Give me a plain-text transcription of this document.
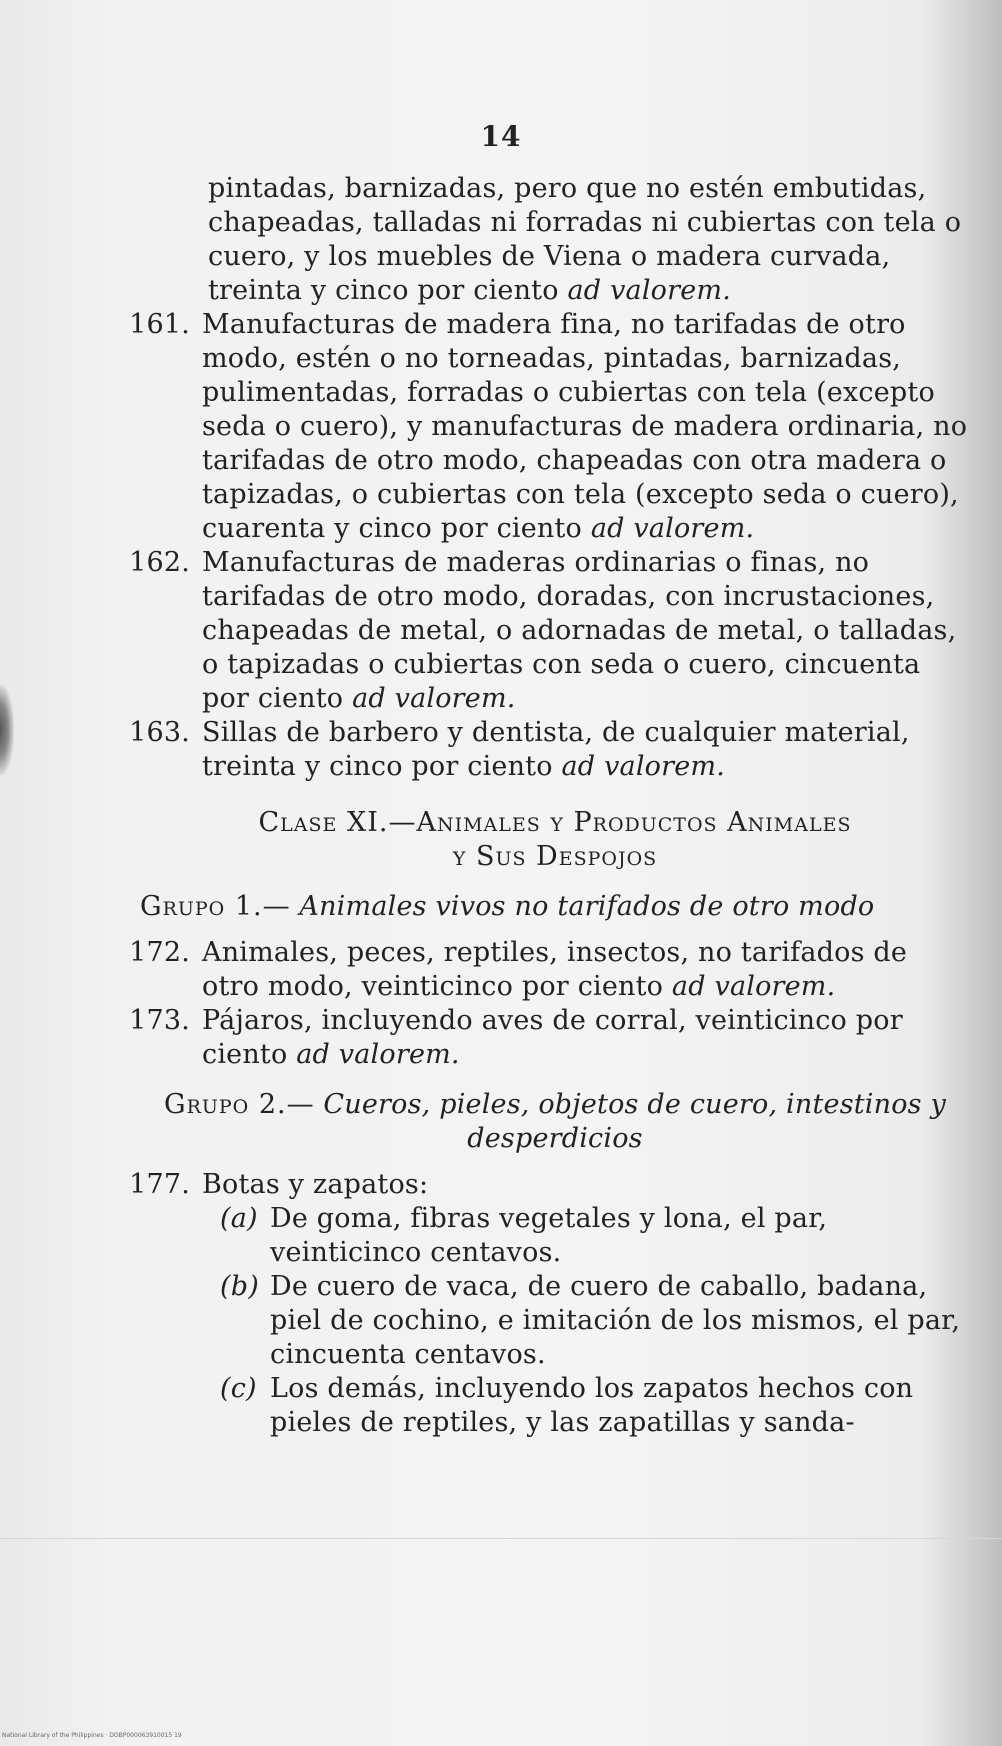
14

pintadas, barnizadas, pero que no estén embutidas, chapeadas, talladas ni forradas ni cubiertas con tela o cuero, y los muebles de Viena o madera curvada, treinta y cinco por ciento ad valorem.

161. Manufacturas de madera fina, no tarifadas de otro modo, estén o no torneadas, pintadas, barnizadas, pulimentadas, forradas o cubiertas con tela (excepto seda o cuero), y manufacturas de madera ordinaria, no tarifadas de otro modo, chapeadas con otra madera o tapizadas, o cubiertas con tela (excepto seda o cuero), cuarenta y cinco por ciento ad valorem.
162. Manufacturas de maderas ordinarias o finas, no tarifadas de otro modo, doradas, con incrustaciones, chapeadas de metal, o adornadas de metal, o talladas, o tapizadas o cubiertas con seda o cuero, cincuenta por ciento ad valorem.
163. Sillas de barbero y dentista, de cualquier material, treinta y cinco por ciento ad valorem.
Clase XI.—Animales y Productos Animales
y Sus Despojos
Grupo 1.— Animales vivos no tarifados de otro modo
172. Animales, peces, reptiles, insectos, no tarifados de otro modo, veinticinco por ciento ad valorem.
173. Pájaros, incluyendo aves de corral, veinticinco por ciento ad valorem.
Grupo 2.— Cueros, pieles, objetos de cuero, intestinos y desperdicios
177. Botas y zapatos:
(a) De goma, fibras vegetales y lona, el par, veinticinco centavos.
(b) De cuero de vaca, de cuero de caballo, badana, piel de cochino, e imitación de los mismos, el par, cincuenta centavos.
(c) Los demás, incluyendo los zapatos hechos con pieles de reptiles, y las zapatillas y sanda-
National Library of the Philippines · DOBP000063910015 19
